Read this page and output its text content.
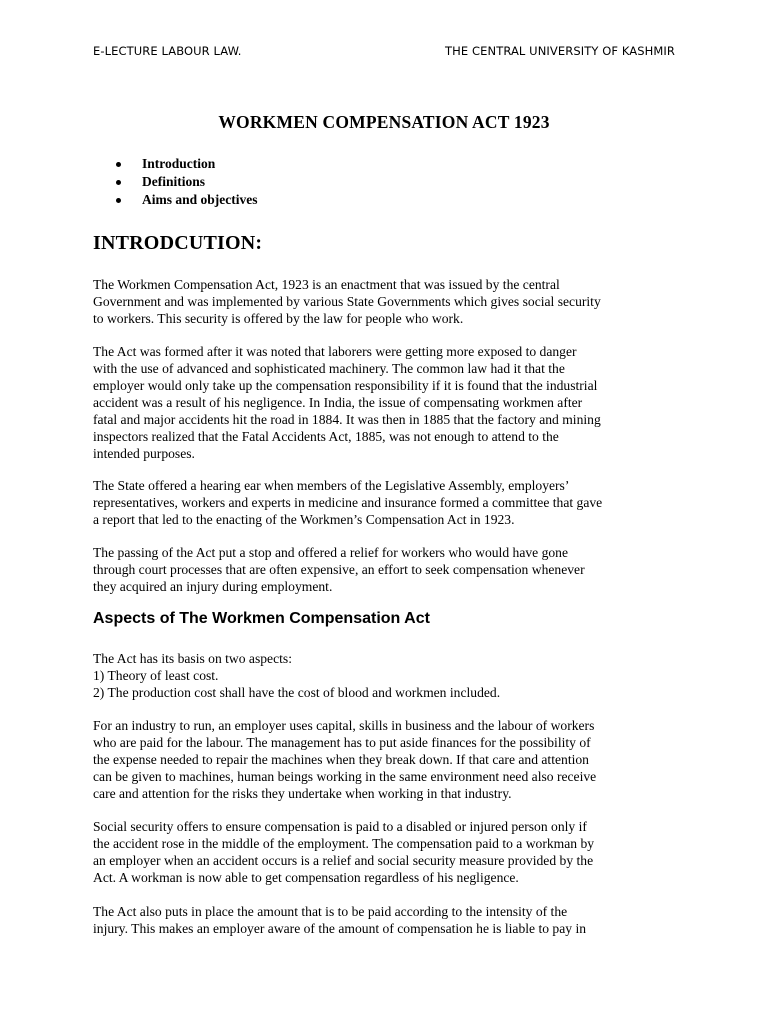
E-LECTURE LABOUR LAW.	THE CENTRAL UNIVERSITY OF KASHMIR
WORKMEN COMPENSATION ACT 1923
Introduction
Definitions
Aims and objectives
INTRODCUTION:
The Workmen Compensation Act, 1923 is an enactment that was issued by the central
Government and was implemented by various State Governments which gives social security
to workers. This security is offered by the law for people who work.
The Act was formed after it was noted that laborers were getting more exposed to danger
with the use of advanced and sophisticated machinery. The common law had it that the
employer would only take up the compensation responsibility if it is found that the industrial
accident was a result of his negligence. In India, the issue of compensating workmen after
fatal and major accidents hit the road in 1884. It was then in 1885 that the factory and mining
inspectors realized that the Fatal Accidents Act, 1885, was not enough to attend to the
intended purposes.
The State offered a hearing ear when members of the Legislative Assembly, employers’
representatives, workers and experts in medicine and insurance formed a committee that gave
a report that led to the enacting of the Workmen’s Compensation Act in 1923.
The passing of the Act put a stop and offered a relief for workers who would have gone
through court processes that are often expensive, an effort to seek compensation whenever
they acquired an injury during employment.
Aspects of The Workmen Compensation Act
The Act has its basis on two aspects:
1) Theory of least cost.
2) The production cost shall have the cost of blood and workmen included.
For an industry to run, an employer uses capital, skills in business and the labour of workers
who are paid for the labour. The management has to put aside finances for the possibility of
the expense needed to repair the machines when they break down. If that care and attention
can be given to machines, human beings working in the same environment need also receive
care and attention for the risks they undertake when working in that industry.
Social security offers to ensure compensation is paid to a disabled or injured person only if
the accident rose in the middle of the employment. The compensation paid to a workman by
an employer when an accident occurs is a relief and social security measure provided by the
Act. A workman is now able to get compensation regardless of his negligence.
The Act also puts in place the amount that is to be paid according to the intensity of the
injury. This makes an employer aware of the amount of compensation he is liable to pay in
